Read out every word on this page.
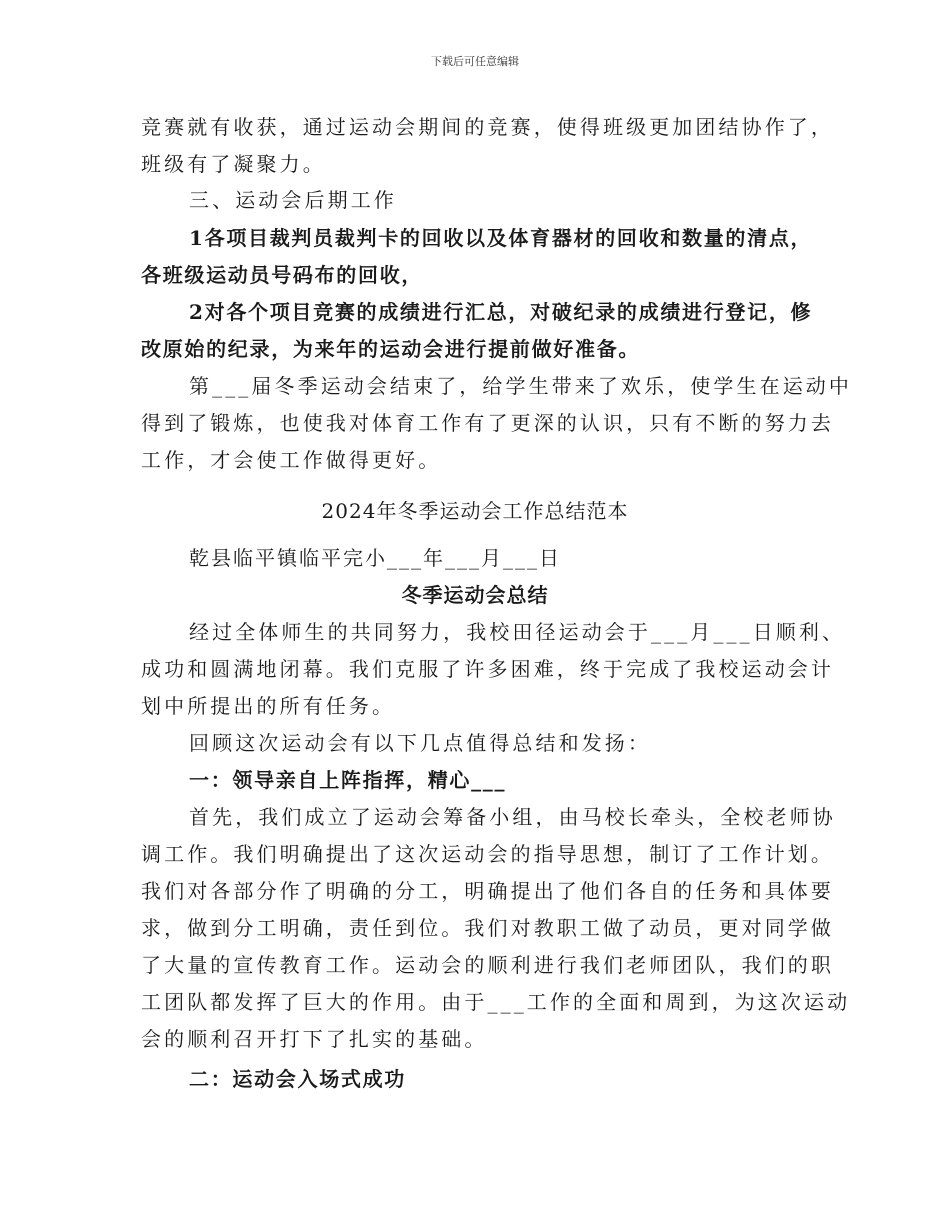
下载后可任意编辑
竞赛就有收获，通过运动会期间的竞赛，使得班级更加团结协作了，
班级有了凝聚力。
三、运动会后期工作
1各项目裁判员裁判卡的回收以及体育器材的回收和数量的清点，
各班级运动员号码布的回收，
2对各个项目竞赛的成绩进行汇总，对破纪录的成绩进行登记，修
改原始的纪录，为来年的运动会进行提前做好准备。
第___届冬季运动会结束了，给学生带来了欢乐，使学生在运动中
得到了锻炼，也使我对体育工作有了更深的认识，只有不断的努力去
工作，才会使工作做得更好。
2024年冬季运动会工作总结范本
乾县临平镇临平完小___年___月___日
冬季运动会总结
经过全体师生的共同努力，我校田径运动会于___月___日顺利、
成功和圆满地闭幕。我们克服了许多困难，终于完成了我校运动会计
划中所提出的所有任务。
回顾这次运动会有以下几点值得总结和发扬：
一：领导亲自上阵指挥，精心___
首先，我们成立了运动会筹备小组，由马校长牵头，全校老师协
调工作。我们明确提出了这次运动会的指导思想，制订了工作计划。
我们对各部分作了明确的分工，明确提出了他们各自的任务和具体要
求，做到分工明确，责任到位。我们对教职工做了动员，更对同学做
了大量的宣传教育工作。运动会的顺利进行我们老师团队，我们的职
工团队都发挥了巨大的作用。由于___工作的全面和周到，为这次运动
会的顺利召开打下了扎实的基础。
二：运动会入场式成功
